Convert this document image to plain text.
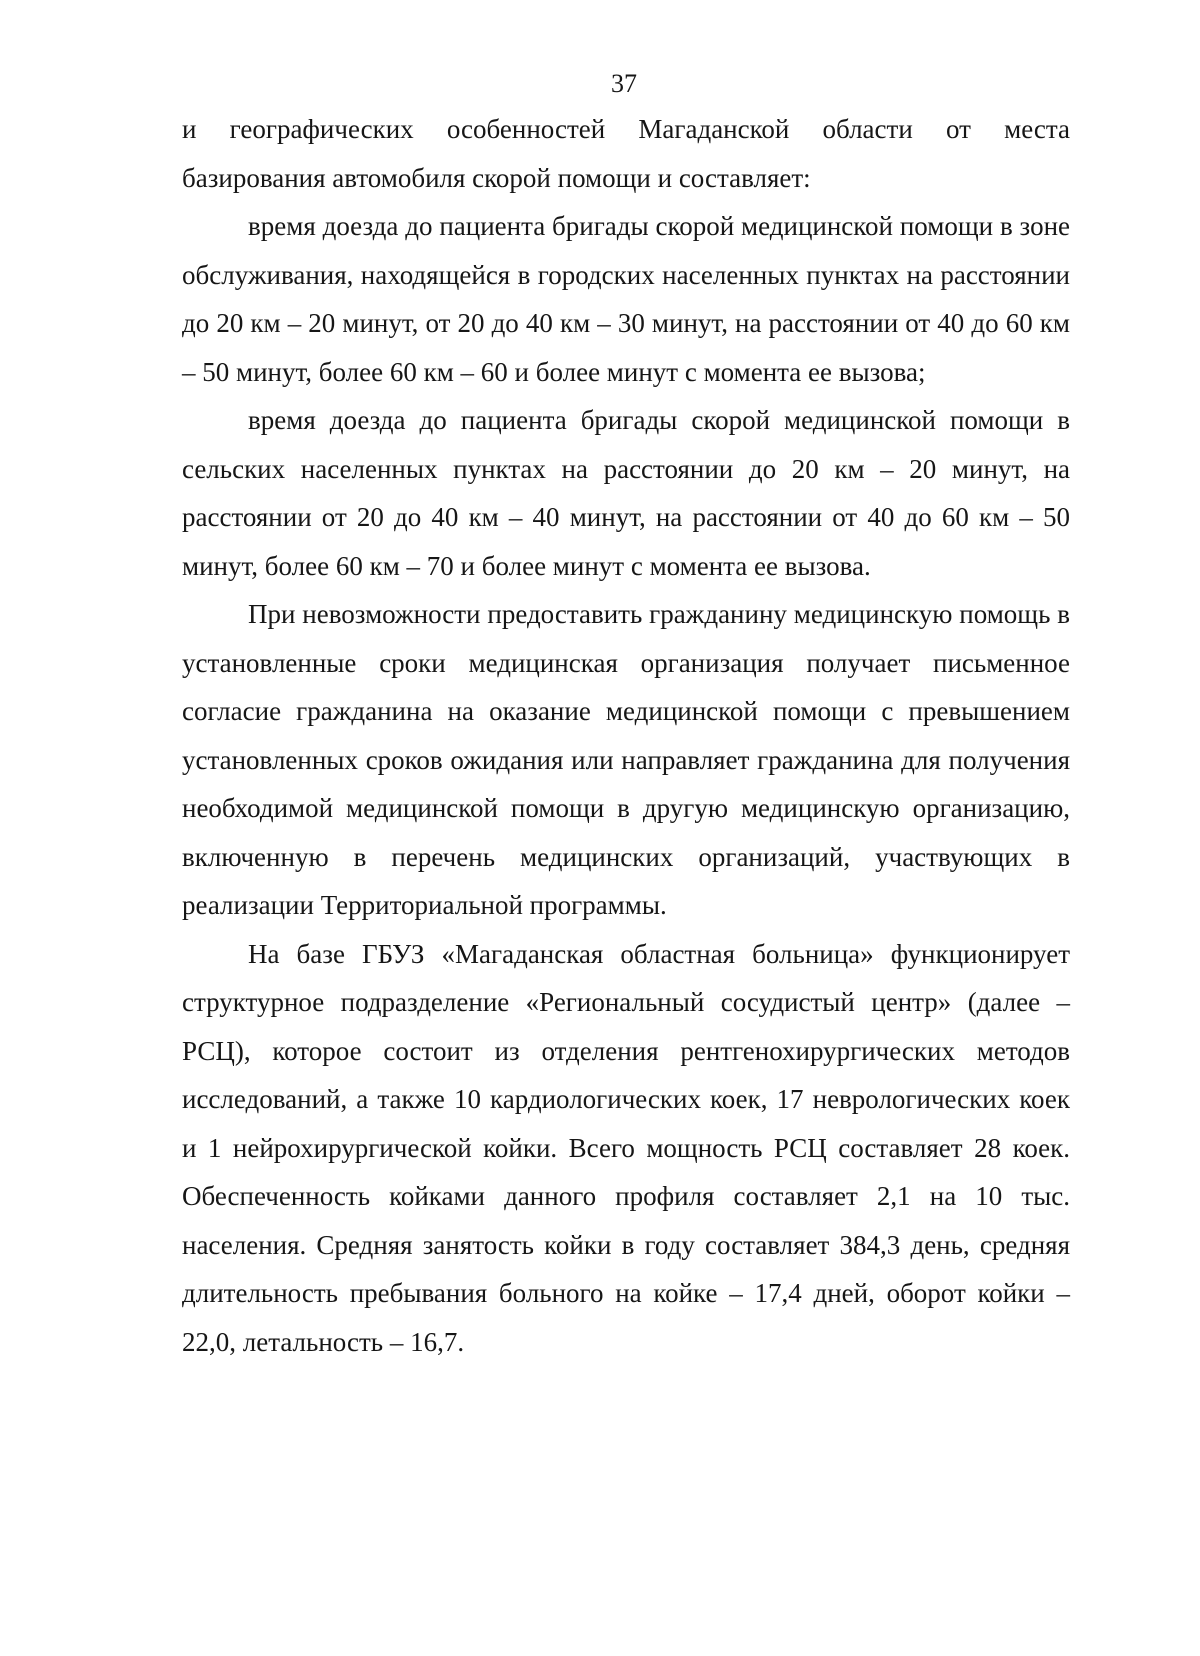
37

и географических особенностей Магаданской области от места
базирования автомобиля скорой помощи и составляет:

время доезда до пациента бригады скорой медицинской помощи в зоне обслуживания, находящейся в городских населенных пунктах на расстоянии до 20 км – 20 минут, от 20 до 40 км – 30 минут, на расстоянии от 40 до 60 км – 50 минут, более 60 км – 60 и более минут с момента ее вызова;

время доезда до пациента бригады скорой медицинской помощи в сельских населенных пунктах на расстоянии до 20 км – 20 минут, на расстоянии от 20 до 40 км – 40 минут, на расстоянии от 40 до 60 км – 50 минут, более 60 км – 70 и более минут с момента ее вызова.

При невозможности предоставить гражданину медицинскую помощь в установленные сроки медицинская организация получает письменное согласие гражданина на оказание медицинской помощи с превышением установленных сроков ожидания или направляет гражданина для получения необходимой медицинской помощи в другую медицинскую организацию, включенную в перечень медицинских организаций, участвующих в реализации Территориальной программы.

На базе ГБУЗ «Магаданская областная больница» функционирует структурное подразделение «Региональный сосудистый центр» (далее – РСЦ), которое состоит из отделения рентгенохирургических методов исследований, а также 10 кардиологических коек, 17 неврологических коек и 1 нейрохирургической койки. Всего мощность РСЦ составляет 28 коек. Обеспеченность койками данного профиля составляет 2,1 на 10 тыс. населения. Средняя занятость койки в году составляет 384,3 день, средняя длительность пребывания больного на койке – 17,4 дней, оборот койки – 22,0, летальность – 16,7.
